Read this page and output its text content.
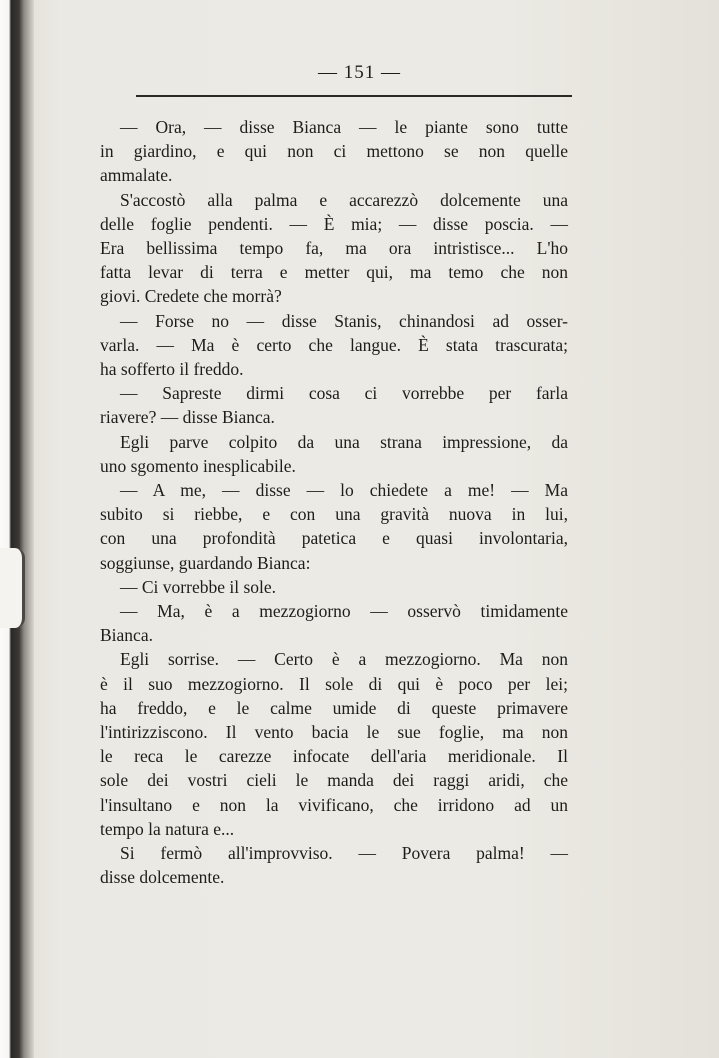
— 151 —
— Ora, — disse Bianca — le piante sono tutte
in giardino, e qui non ci mettono se non quelle
ammalate.
S'accostò alla palma e accarezzò dolcemente una
delle foglie pendenti. — È mia; — disse poscia. —
Era bellissima tempo fa, ma ora intristisce... L'ho
fatta levar di terra e metter qui, ma temo che non
giovi. Credete che morrà?
— Forse no — disse Stanis, chinandosi ad osser-
varla. — Ma è certo che langue. È stata trascurata;
ha sofferto il freddo.
— Sapreste dirmi cosa ci vorrebbe per farla
riavere? — disse Bianca.
Egli parve colpito da una strana impressione, da
uno sgomento inesplicabile.
— A me, — disse — lo chiedete a me! — Ma
subito si riebbe, e con una gravità nuova in lui,
con una profondità patetica e quasi involontaria,
soggiunse, guardando Bianca:
— Ci vorrebbe il sole.
— Ma, è a mezzogiorno — osservò timidamente
Bianca.
Egli sorrise. — Certo è a mezzogiorno. Ma non
è il suo mezzogiorno. Il sole di qui è poco per lei;
ha freddo, e le calme umide di queste primavere
l'intirizziscono. Il vento bacia le sue foglie, ma non
le reca le carezze infocate dell'aria meridionale. Il
sole dei vostri cieli le manda dei raggi aridi, che
l'insultano e non la vivificano, che irridono ad un
tempo la natura e...
Si fermò all'improvviso. — Povera palma! —
disse dolcemente.
